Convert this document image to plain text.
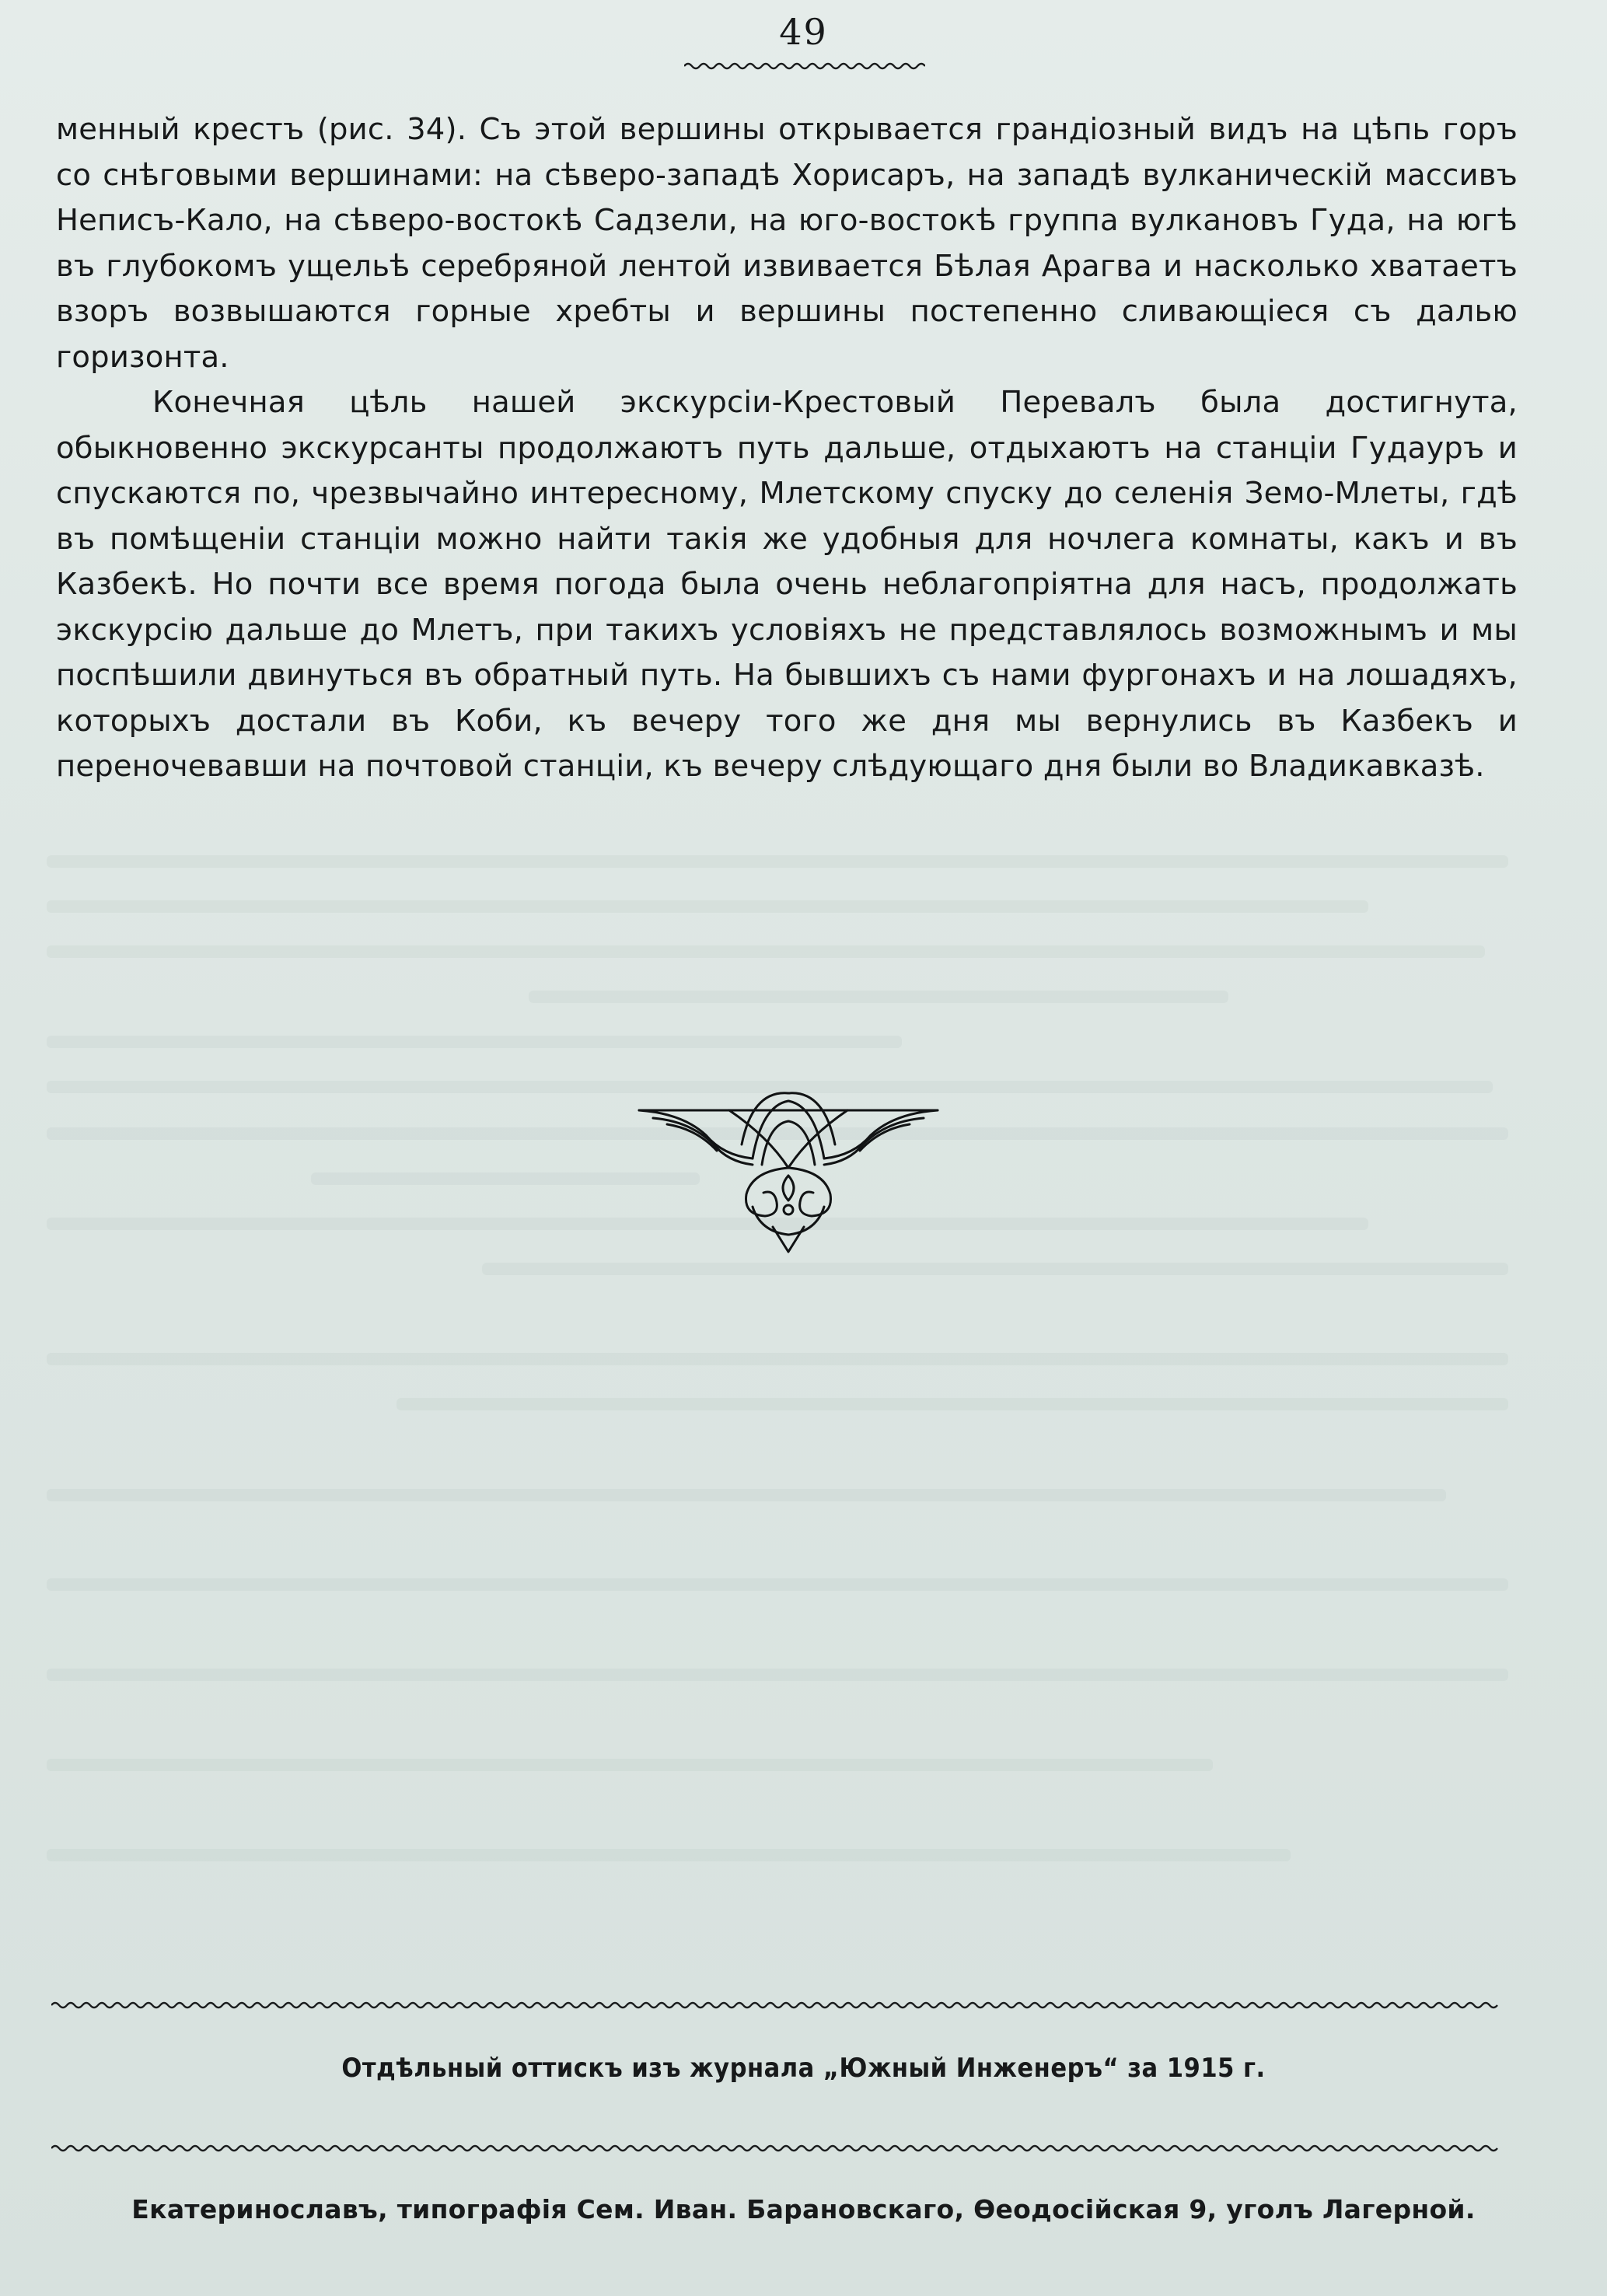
49

менный крестъ (рис. 34). Съ этой вершины открывается грандіозный видъ на цѣпь горъ со снѣговыми вершинами: на сѣверо-западѣ Хорисаръ, на западѣ вулканическій массивъ Неписъ-Кало, на сѣверо-востокѣ Садзели, на юго-востокѣ группа вулкановъ Гуда, на югѣ въ глубокомъ ущельѣ серебряной лентой извивается Бѣлая Арагва и насколько хватаетъ взоръ возвышаются горные хребты и вершины постепенно сливающіеся съ далью горизонта.

Конечная цѣль нашей экскурсіи-Крестовый Перевалъ была достигнута, обыкновенно экскурсанты продолжаютъ путь дальше, отдыхаютъ на станціи Гудауръ и спускаются по, чрезвычайно интересному, Млетскому спуску до селенія Земо-Млеты, гдѣ въ помѣщеніи станціи можно найти такія же удобныя для ночлега комнаты, какъ и въ Казбекѣ. Но почти все время погода была очень неблагопріятна для насъ, продолжать экскурсію дальше до Млетъ, при такихъ условіяхъ не представлялось возможнымъ и мы поспѣшили двинуться въ обратный путь. На бывшихъ съ нами фургонахъ и на лошадяхъ, которыхъ достали въ Коби, къ вечеру того же дня мы вернулись въ Казбекъ и переночевавши на почтовой станціи, къ вечеру слѣдующаго дня были во Владикавказѣ.

Отдѣльный оттискъ изъ журнала „Южный Инженеръ“ за 1915 г.
Екатеринославъ, типографія Сем. Иван. Барановскаго, Ѳеодосійская 9, уголъ Лагерной.
